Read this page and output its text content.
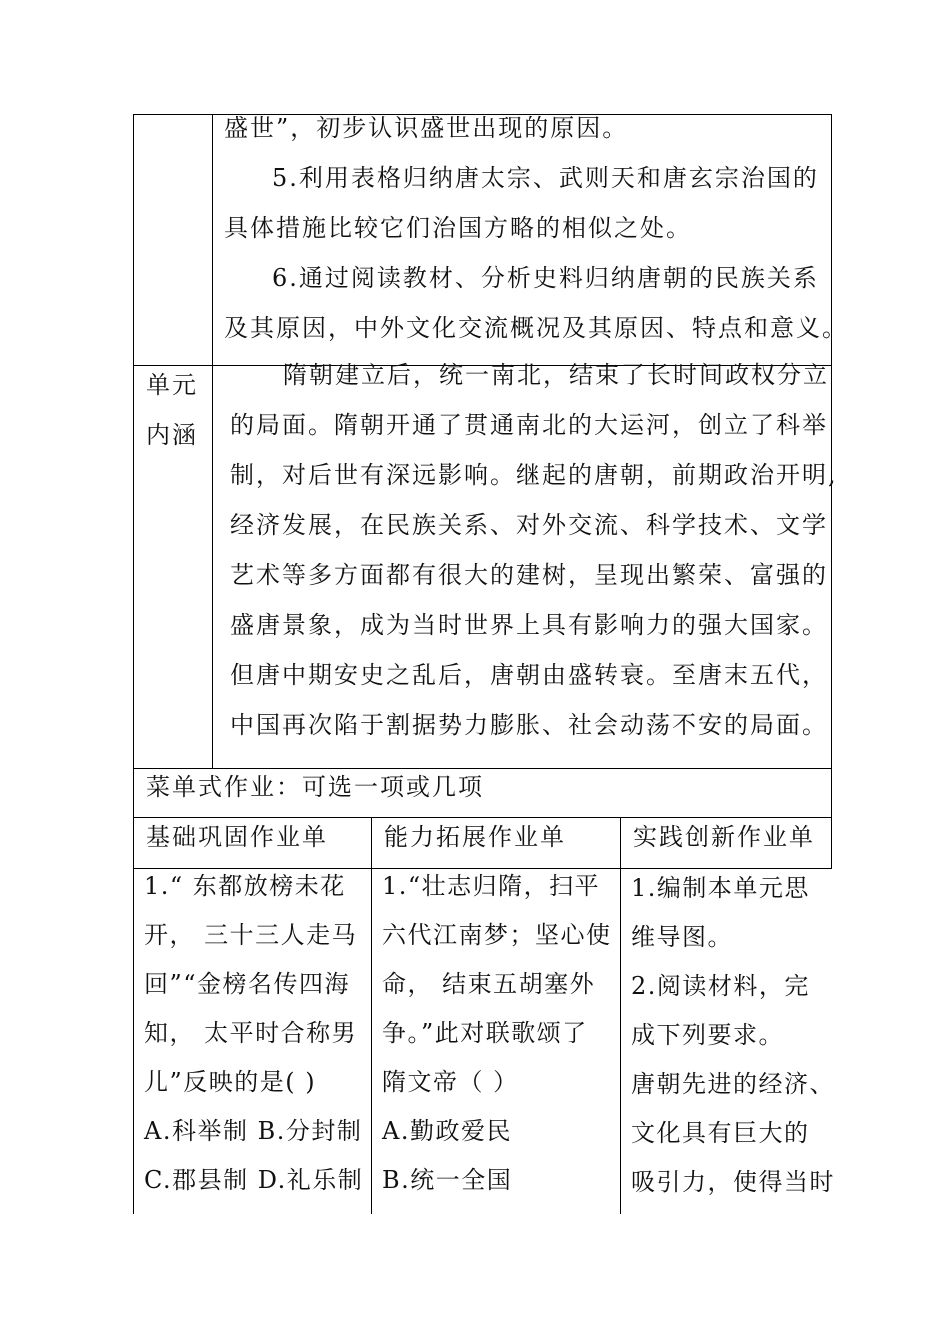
盛世”，初步认识盛世出现的原因。
5.利用表格归纳唐太宗、武则天和唐玄宗治国的
具体措施比较它们治国方略的相似之处。
6.通过阅读教材、分析史料归纳唐朝的民族关系
及其原因，中外文化交流概况及其原因、特点和意义。
单元
内涵
隋朝建立后，统一南北，结束了长时间政权分立
的局面。隋朝开通了贯通南北的大运河，创立了科举
制，对后世有深远影响。继起的唐朝，前期政治开明,
经济发展，在民族关系、对外交流、科学技术、文学
艺术等多方面都有很大的建树，呈现出繁荣、富强的
盛唐景象，成为当时世界上具有影响力的强大国家。
但唐中期安史之乱后，唐朝由盛转衰。至唐末五代，
中国再次陷于割据势力膨胀、社会动荡不安的局面。
菜单式作业：可选一项或几项
基础巩固作业单 能力拓展作业单	实践创新作业单
1.“ 东都放榜未花
开， 三十三人走马
回”“金榜名传四海
知， 太平时合称男
儿”反映的是( )
A.科举制 B.分封制
C.郡县制 D.礼乐制
1.“壮志归隋，扫平
六代江南梦；坚心使
命， 结束五胡塞外
争。”此对联歌颂了
隋文帝（ ）
A.勤政爱民
B.统一全国
1.编制本单元思
维导图。
2.阅读材料，完
成下列要求。
唐朝先进的经济、
文化具有巨大的
吸引力，使得当时
